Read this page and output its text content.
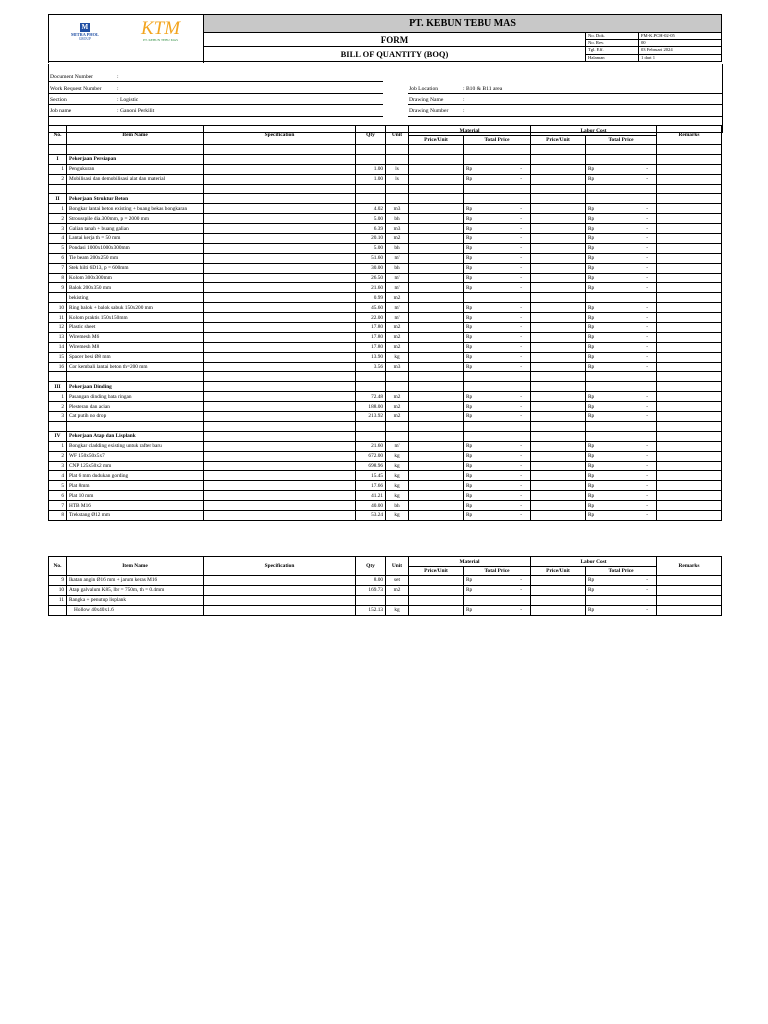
M
MITRA PHOL
GROUP KTM
PT. KEBUN TEBU MAS	PT. KEBUN TEBU MAS		
	FORM	No. Dok.	FM-K.PCH-02-05
		No. Rev.	00

	BILL OF QUANTITY (BOQ)	Tgl. Eff.	03 Februari 2024
		Halaman	1 dari 1

Document Number	:
Work Request Number	:	Job Location	: B10 & B11 area
Section	: Logistic	Drawing Name	:
Job name	: Ganoni Perkilit	Drawing Number	:
No.	Item Name	Specification	Qty	Unit	Material		Labor Cost		Remarks
					Price/Unit	Total Price	Price/Unit	Total Price	

I	Pekerjaan Persiapan								
1	Pengukuran		1.00	ls		Rp -		Rp -	

2	Mobilisasi dan demobilisasi alat dan material		1.00	ls		Rp -		Rp -	

II	Pekerjaan Struktur Beton								
1	Bongkar lantai beton existing + buang bekas bongkaran		4.02	m3		Rp -		Rp -	

2	Strousspile dia.300mm, p = 2000 mm		5.00	bh		Rp -		Rp -	

3	Galian tanah + buang galian		6.39	m3		Rp -		Rp -	

4	Lantai kerja th = 50 mm		20.10	m2		Rp -		Rp -	

5	Pondasi 1000x1000x300mm		5.00	bh		Rp -		Rp -	

6	Tie beam 200x250 mm		51.60	m'		Rp -		Rp -	

7	Stek hilti 6D13, p = 600mm		30.00	bh		Rp -		Rp -	

8	Kolom 300x300mm		26.50	m'		Rp -		Rp -	

9	Balok 200x350 mm		21.60	m'		Rp -		Rp -	

	bekisting		0.99	m2					
10	Ring balok + balok sabuk 150x200 mm		45.60	m'		Rp -		Rp -	

11	Kolom praktis 150x150mm		22.00	m'		Rp -		Rp -	

12	Plastic sheet		17.80	m2		Rp -		Rp -	

13	Wiremesh M6		17.80	m2		Rp -		Rp -	

14	Wiremesh M8		17.80	m2		Rp -		Rp -	

15	Spacer besi Ø8 mm		13.90	kg		Rp -		Rp -	

16	Cor kembali lantai beton th=200 mm		3.56	m3		Rp -		Rp -	

III	Pekerjaan Dinding								
1	Pasangan dinding bata ringan		72.48	m2		Rp -		Rp -	

2	Plesteran dan acian		188.00	m2		Rp -		Rp -	

3	Cat putih no drop		213.92	m2		Rp -		Rp -	

IV	Pekerjaan Atap dan Lisplank								
1	Bongkar cladding existing untuk rafter baru		21.60	m'		Rp -		Rp -	

2	WF 150x50x5x7		672.00	kg		Rp -		Rp -	

3	CNP 125x50x2 mm		698.96	kg		Rp -		Rp -	

4	Plat 6 mm dudukan gording		15.45	kg		Rp -		Rp -	

5	Plat 8mm		17.66	kg		Rp -		Rp -	

6	Plat 10 mm		41.21	kg		Rp -		Rp -	

7	HTB M16		40.00	bh		Rp -		Rp -	

8	Trekstang Ø12 mm		53.24	kg		Rp -		Rp -	

No.	Item Name	Specification	Qty	Unit	Material		Labor Cost		Remarks
					Price/Unit	Total Price	Price/Unit	Total Price	
9	Ikatan angin Ø16 mm + jarum keras M16		8.00	set		Rp -		Rp -	

10	Atap galvalum K85, lbr = 750m, th = 0.4mm		169.73	m2		Rp -		Rp -	

11	Rangka + penutup lisplank								
	Hollow 40x40x1.6		152.13	kg		Rp -		Rp -	
